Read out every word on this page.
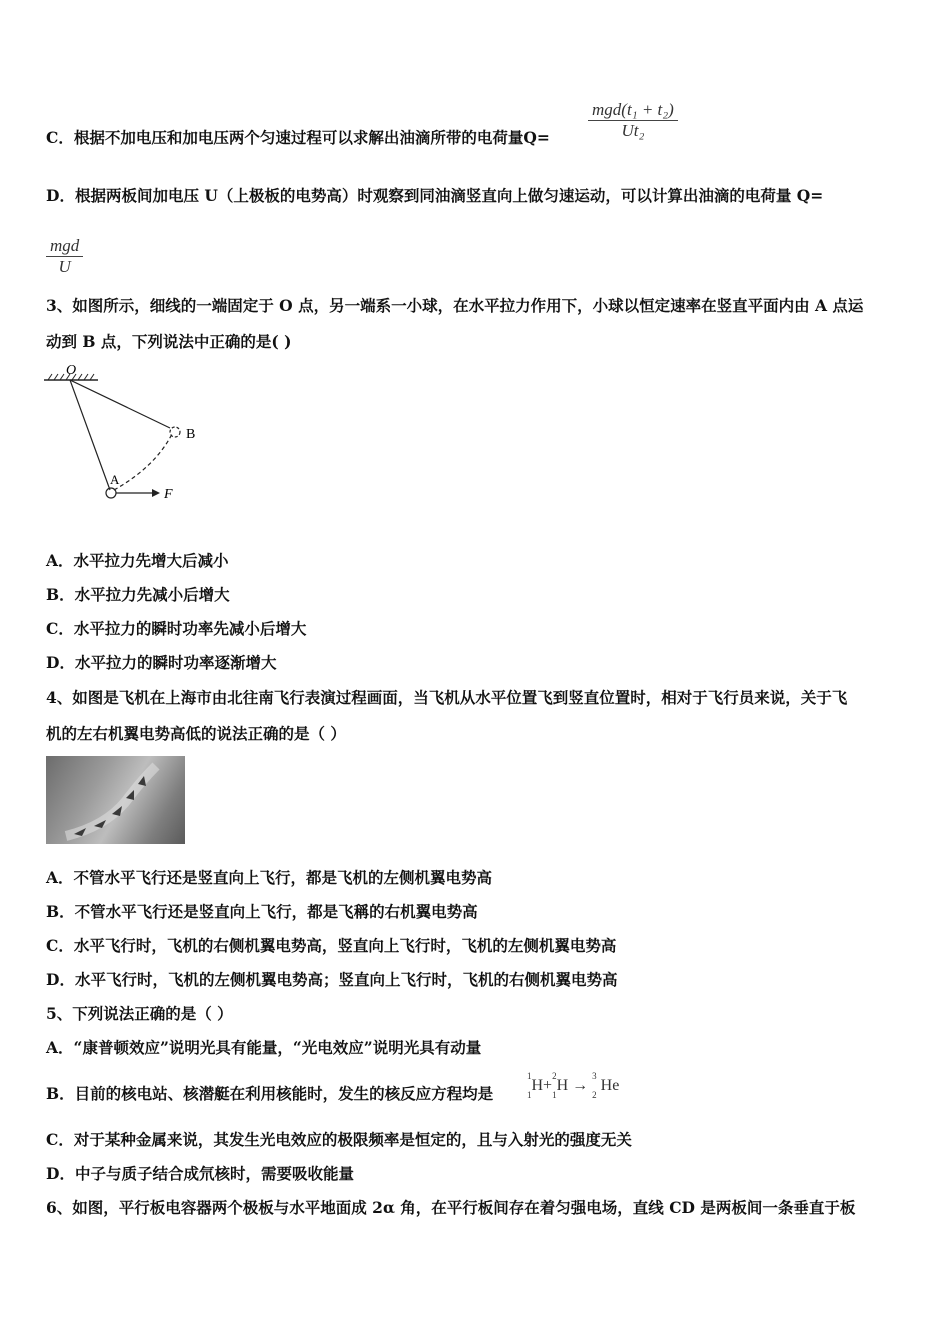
C．根据不加电压和加电压两个匀速过程可以求解出油滴所带的电荷量Q=
mgd(t₁ + t₂)
Ut₂
D．根据两板间加电压 U（上极板的电势高）时观察到同油滴竖直向上做匀速运动，可以计算出油滴的电荷量 Q=
mgd
U
3、如图所示，细线的一端固定于 O 点，另一端系一小球，在水平拉力作用下，小球以恒定速率在竖直平面内由 A 点运
动到 B 点，下列说法中正确的是( )
O
B
A
F
A．水平拉力先增大后减小
B．水平拉力先减小后增大
C．水平拉力的瞬时功率先减小后增大
D．水平拉力的瞬时功率逐渐增大
4、如图是飞机在上海市由北往南飞行表演过程画面，当飞机从水平位置飞到竖直位置时，相对于飞行员来说，关于飞
机的左右机翼电势高低的说法正确的是（ ）
A．不管水平飞行还是竖直向上飞行，都是飞机的左侧机翼电势高
B．不管水平飞行还是竖直向上飞行，都是飞稱的右机翼电势高
C．水平飞行时，飞机的右侧机翼电势高，竖直向上飞行时，飞机的左侧机翼电势高
D．水平飞行时，飞机的左侧机翼电势高；竖直向上飞行时，飞机的右侧机翼电势高
5、下列说法正确的是（ ）
A．“康普顿效应”说明光具有能量，“光电效应”说明光具有动量
B．目前的核电站、核潜艇在利用核能时，发生的核反应方程均是
$^1$
$_1$H+$^2$
$_1$H → $^3$
$_2$ He
C．对于某种金属来说，其发生光电效应的极限频率是恒定的，且与入射光的强度无关
D．中子与质子结合成氘核时，需要吸收能量
6、如图，平行板电容器两个极板与水平地面成 2α 角，在平行板间存在着匀强电场，直线 CD 是两板间一条垂直于板
